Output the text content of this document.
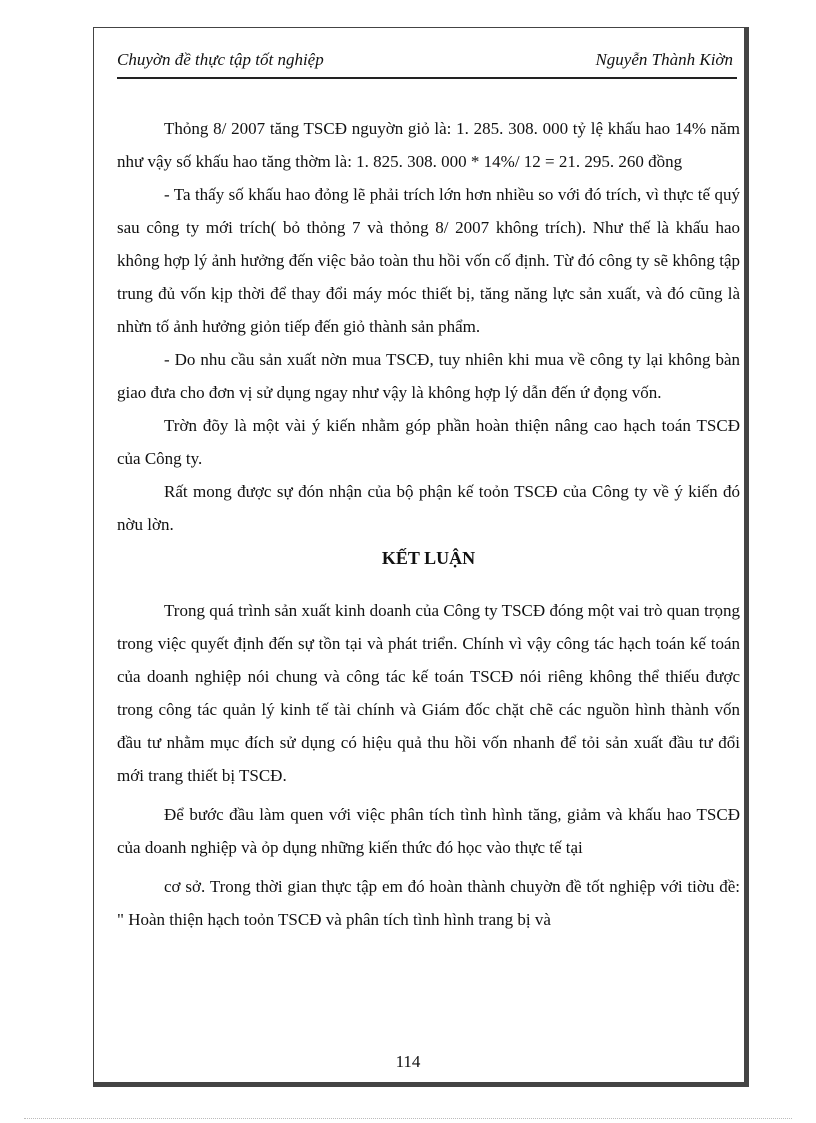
Chuyờn đề thực tập tốt nghiệp	Nguyễn Thành Kiờn

Thỏng 8/ 2007 tăng TSCĐ nguyờn giỏ là: 1. 285. 308. 000 tỷ lệ khấu hao 14% năm như vậy số khấu hao tăng thờm là: 1. 825. 308. 000 * 14%/ 12 = 21. 295. 260 đồng

- Ta thấy số khấu hao đỏng lẽ phải trích lớn hơn nhiều so với đó trích, vì thực tế quý sau công ty mới trích( bỏ thỏng 7 và thỏng 8/ 2007 không trích). Như thế là khấu hao không hợp lý ảnh hưởng đến việc bảo toàn thu hồi vốn cố định. Từ đó công ty sẽ không tập trung đủ vốn kịp thời để thay đổi máy móc thiết bị, tăng năng lực sản xuất, và đó cũng là nhừn tố ảnh hưởng giỏn tiếp đến giỏ thành sản phẩm.

- Do nhu cầu sản xuất nờn mua TSCĐ, tuy nhiên khi mua về công ty lại không bàn giao đưa cho đơn vị sử dụng ngay như vậy là không hợp lý dẫn đến ứ đọng vốn.

Trờn đõy là một vài ý kiến nhằm góp phần hoàn thiện nâng cao hạch toán TSCĐ của Công ty.

Rất mong được sự đón nhận của bộ phận kế toỏn TSCĐ của Công ty về ý kiến đó nờu lờn.

KẾT LUẬN

Trong quá trình sản xuất kinh doanh của Công ty TSCĐ đóng một vai trò quan trọng trong việc quyết định đến sự tồn tại và phát triển. Chính vì vậy công tác hạch toán kế toán của doanh nghiệp nói chung và công tác kế toán TSCĐ nói riêng không thể thiếu được trong công tác quản lý kinh tế tài chính và Giám đốc chặt chẽ các nguồn hình thành vốn đầu tư nhằm mục đích sử dụng có hiệu quả thu hồi vốn nhanh để tỏi sản xuất đầu tư đổi mới trang thiết bị TSCĐ.

Để bước đầu làm quen với việc phân tích tình hình tăng, giảm và khấu hao TSCĐ của doanh nghiệp và ỏp dụng những kiến thức đó học vào thực tế tại

cơ sở. Trong thời gian thực tập em đó hoàn thành chuyờn đề tốt nghiệp với tiờu đề: " Hoàn thiện hạch toỏn TSCĐ và phân tích tình hình trang bị và

114
